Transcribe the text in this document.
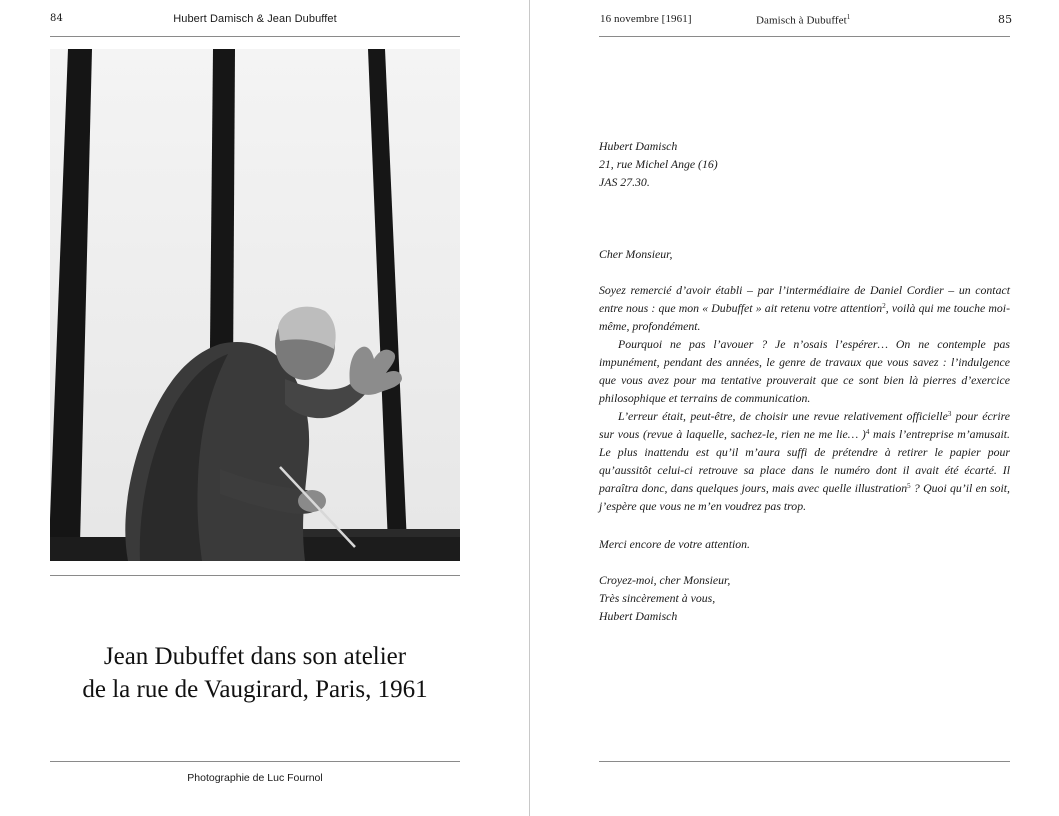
84	Hubert Damisch & Jean Dubuffet
Jean Dubuffet dans son atelier
de la rue de Vaugirard, Paris, 1961
Photographie de Luc Fournol
16 novembre [1961]	Damisch à Dubuffet$^1$	85

Hubert Damisch

21, rue Michel Ange (16)

JAS 27.30.

Cher Monsieur,

Soyez remercié d’avoir établi – par l’intermédiaire de Daniel Cordier – un contact entre nous : que mon « Dubuffet » ait retenu votre attention$^2$, voilà qui me touche moi-même, profondément.

Pourquoi ne pas l’avouer ? Je n’osais l’espérer… On ne contemple pas impunément, pendant des années, le genre de travaux que vous savez : l’indulgence que vous avez pour ma tentative prouverait que ce sont bien là pierres d’exercice philosophique et terrains de communication.

L’erreur était, peut-être, de choisir une revue relativement officielle$^3$ pour écrire sur vous (revue à laquelle, sachez-le, rien ne me lie… )$^4$ mais l’entreprise m’amusait. Le plus inattendu est qu’il m’aura suffi de prétendre à retirer le papier pour qu’aussitôt celui-ci retrouve sa place dans le numéro dont il avait été écarté. Il paraîtra donc, dans quelques jours, mais avec quelle illustration$^5$ ? Quoi qu’il en soit, j’espère que vous ne m’en voudrez pas trop.

Merci encore de votre attention.

Croyez-moi, cher Monsieur,

Très sincèrement à vous,

Hubert Damisch
